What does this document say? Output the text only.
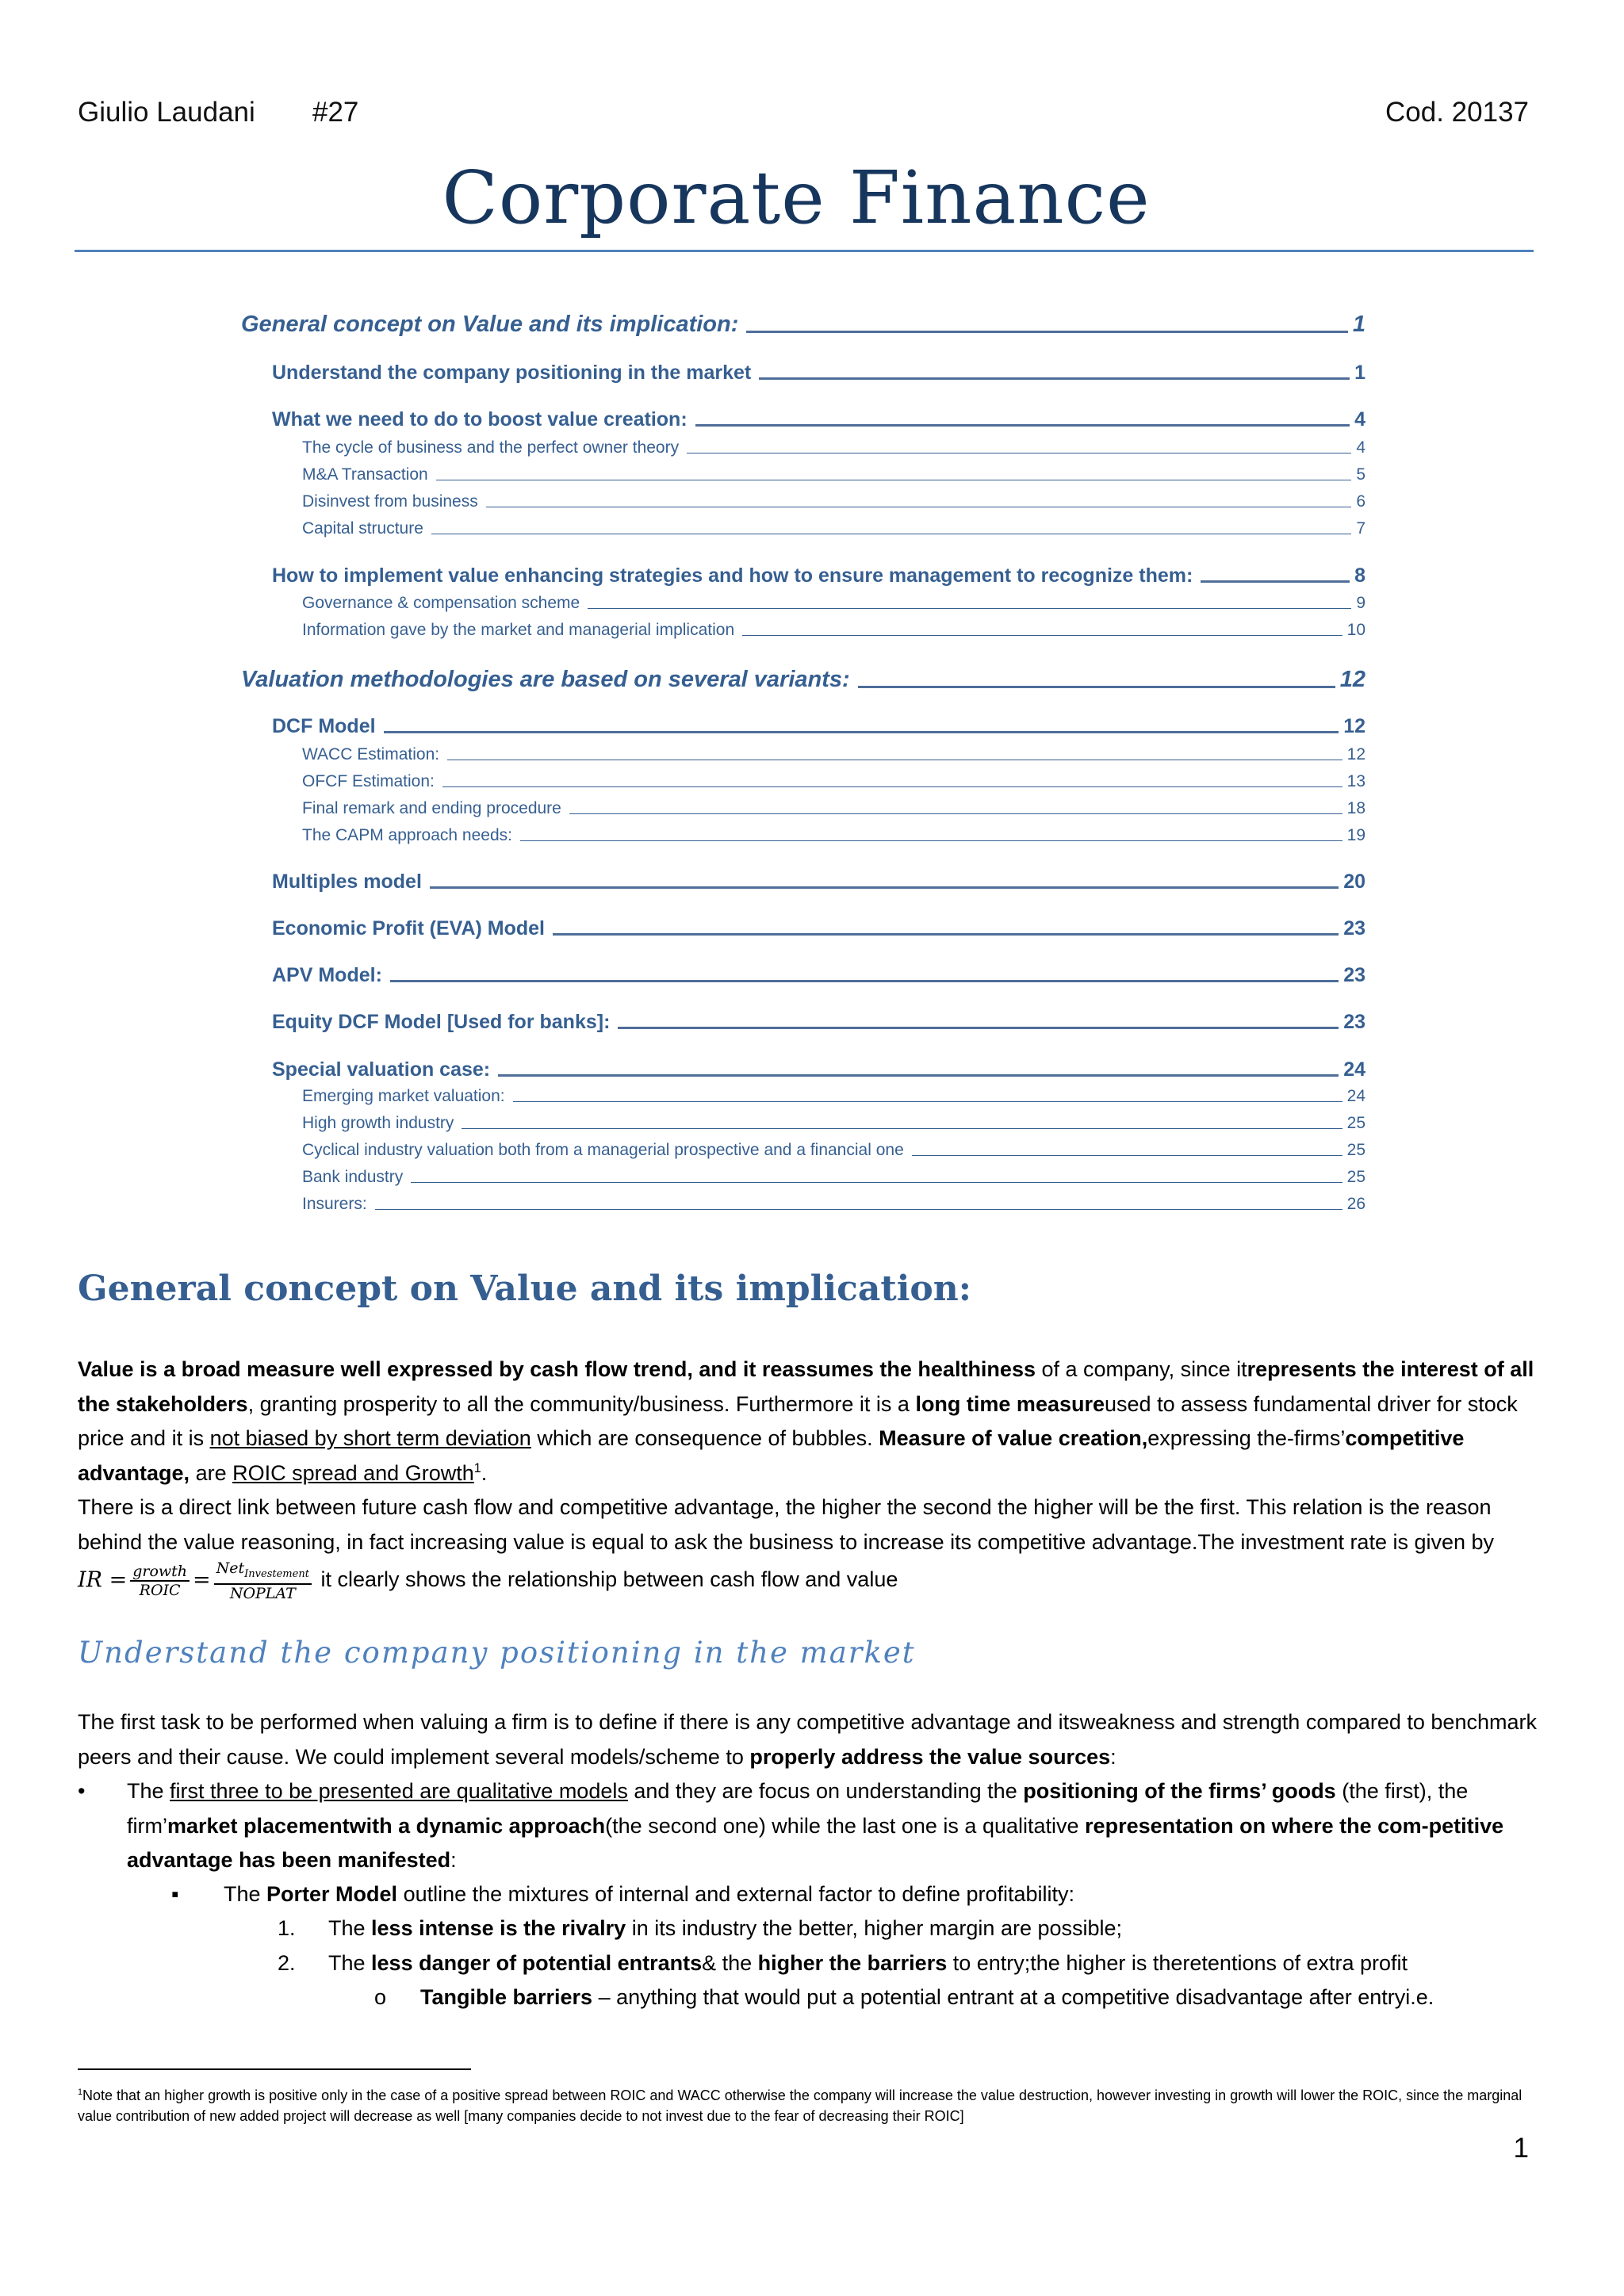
Giulio Laudani #27	Cod. 20137
Corporate Finance
General concept on Value and its implication:	1
Understand the company positioning in the market	1
What we need to do to boost value creation:	4
The cycle of business and the perfect owner theory	4
M&A Transaction	5
Disinvest from business	6
Capital structure	7
How to implement value enhancing strategies and how to ensure management to recognize them:	8
Governance & compensation scheme	9
Information gave by the market and managerial implication	10
Valuation methodologies are based on several variants:	12
DCF Model	12
WACC Estimation:	12
OFCF Estimation:	13
Final remark and ending procedure	18
The CAPM approach needs:	19
Multiples model	20
Economic Profit (EVA) Model	23
APV Model:	23
Equity DCF Model [Used for banks]:	23
Special valuation case:	24
Emerging market valuation:	24
High growth industry	25
Cyclical industry valuation both from a managerial prospective and a financial one	25
Bank industry	25
Insurers:	26
General concept on Value and its implication:
Value is a broad measure well expressed by cash flow trend, and it reassumes the healthiness of a company, since itrepresents the interest of all the stakeholders, granting prosperity to all the community/business. Furthermore it is a long time measureused to assess fundamental driver for stock price and it is not biased by short term deviation which are consequence of bubbles. Measure of value creation,expressing the-firms’competitive advantage, are ROIC spread and Growth$^1$.
There is a direct link between future cash flow and competitive advantage, the higher the second the higher will be the first. This relation is the reason behind the value reasoning, in fact increasing value is equal to ask the business to increase its competitive advantage.The investment rate is given by IR = $\frac{\text{growth}}{\text{ROIC}} = \frac{Net_{Investement}}{\text{NOPLAT}}$ it clearly shows the relationship between cash flow and value
Understand the company positioning in the market
The first task to be performed when valuing a firm is to define if there is any competitive advantage and itsweakness and strength compared to benchmark peers and their cause. We could implement several models/scheme to properly address the value sources:
• The first three to be presented are qualitative models and they are focus on understanding the positioning of the firms’ goods (the first), the firm’market placementwith a dynamic approach(the second one) while the last one is a qualitative representation on where the com-petitive advantage has been manifested:
▪ The Porter Model outline the mixtures of internal and external factor to define profitability:
1. The less intense is the rivalry in its industry the better, higher margin are possible;
2. The less danger of potential entrants& the higher the barriers to entry;the higher is theretentions of extra profit
o Tangible barriers – anything that would put a potential entrant at a competitive disadvantage after entryi.e.
$^1$Note that an higher growth is positive only in the case of a positive spread between ROIC and WACC otherwise the company will increase the value destruction, however investing in growth will lower the ROIC, since the marginal value contribution of new added project will decrease as well [many companies decide to not invest due to the fear of decreasing their ROIC]
1
